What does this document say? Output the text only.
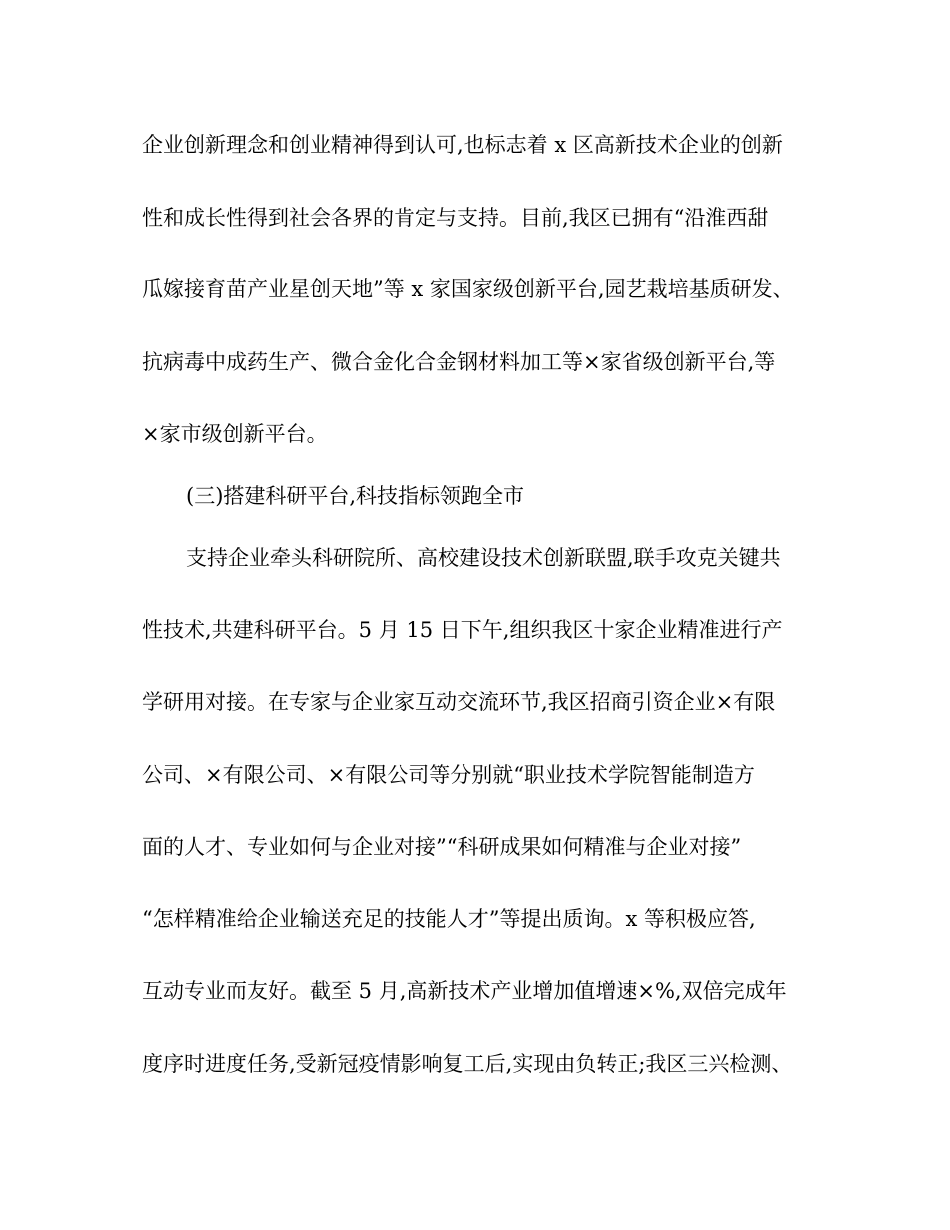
企业创新理念和创业精神得到认可,也标志着 x 区高新技术企业的创新
性和成长性得到社会各界的肯定与支持。目前,我区已拥有“沿淮西甜
瓜嫁接育苗产业星创天地”等 x 家国家级创新平台,园艺栽培基质研发、
抗病毒中成药生产、微合金化合金钢材料加工等×家省级创新平台,等
×家市级创新平台。
(三)搭建科研平台,科技指标领跑全市
支持企业牵头科研院所、高校建设技术创新联盟,联手攻克关键共
性技术,共建科研平台。5 月 15 日下午,组织我区十家企业精准进行产
学研用对接。在专家与企业家互动交流环节,我区招商引资企业×有限
公司、×有限公司、×有限公司等分别就“职业技术学院智能制造方
面的人才、专业如何与企业对接”“科研成果如何精准与企业对接”
“怎样精准给企业输送充足的技能人才”等提出质询。x 等积极应答,
互动专业而友好。截至 5 月,高新技术产业增加值增速×%,双倍完成年
度序时进度任务,受新冠疫情影响复工后,实现由负转正;我区三兴检测、
